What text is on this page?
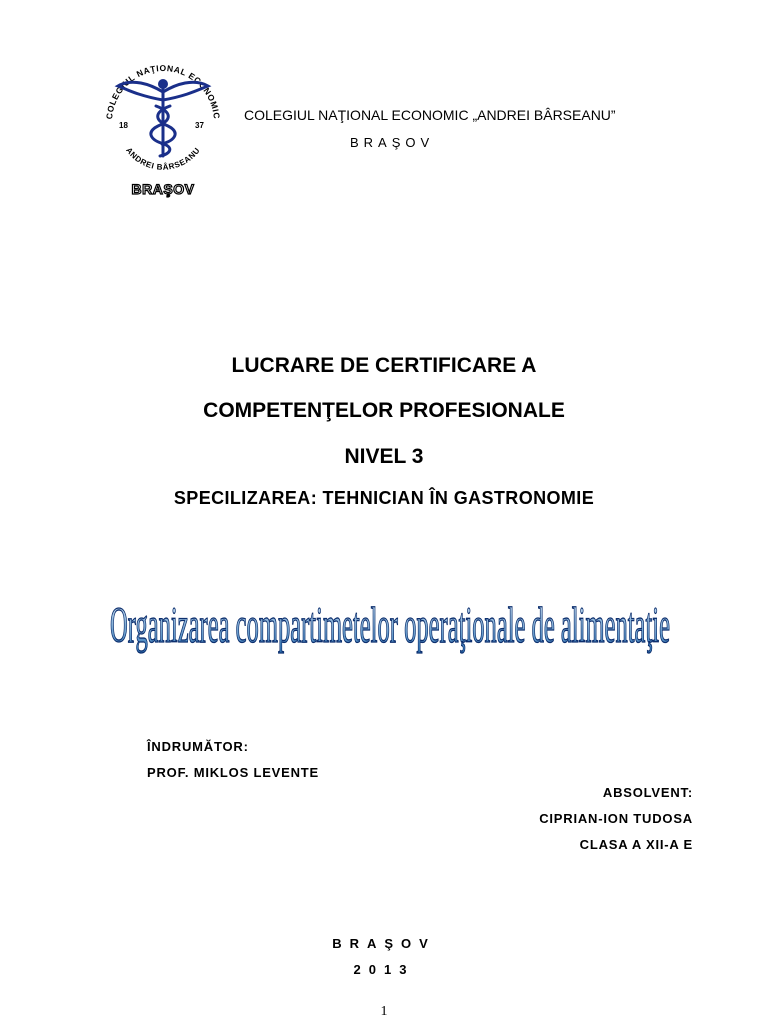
COLEGIUL NAŢIONAL ECONOMIC
ANDREI BÂRSEANU
18	37
BRAŞOV
COLEGIUL NAŢIONAL ECONOMIC „ANDREI BÂRSEANU”
BRAŞOV
LUCRARE DE CERTIFICARE A
COMPETENŢELOR PROFESIONALE
NIVEL 3
SPECILIZAREA: TEHNICIAN ÎN GASTRONOMIE
Organizarea compartimetelor operaţionale de alimentaţie
ÎNDRUMĂTOR:
PROF. MIKLOS LEVENTE
ABSOLVENT:
CIPRIAN-ION TUDOSA
CLASA A XII-A E
BRAŞOV
2013
1
